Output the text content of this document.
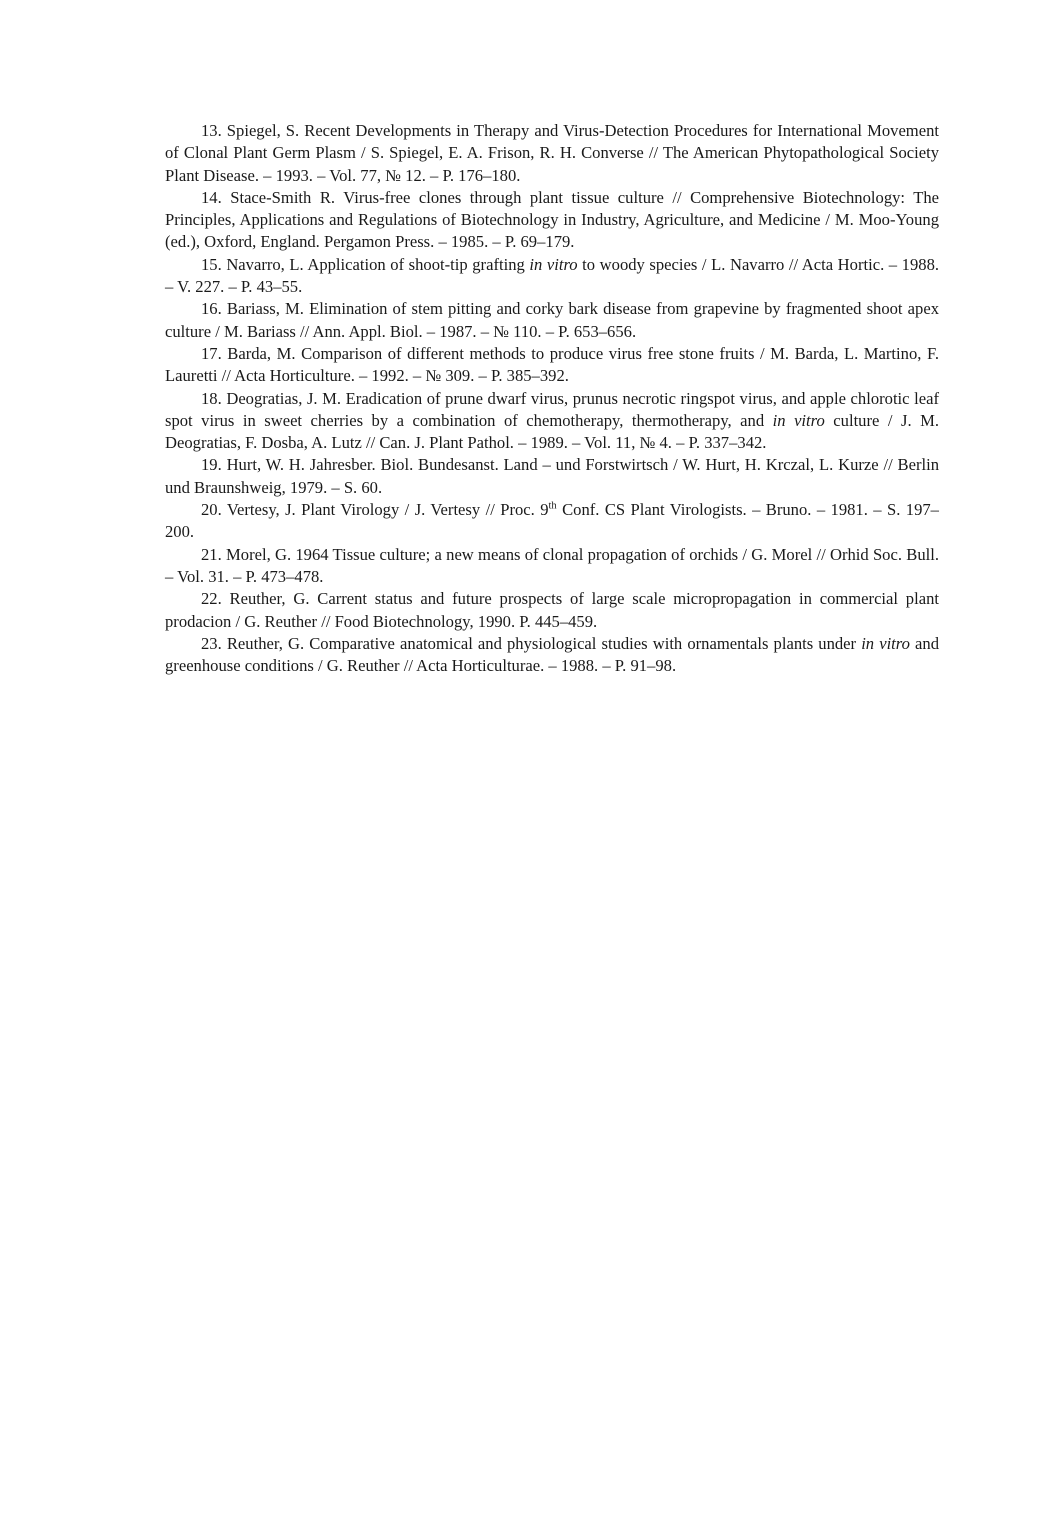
13. Spiegel, S. Recent Developments in Therapy and Virus-Detection Procedures for International Movement of Clonal Plant Germ Plasm / S. Spiegel, E. A. Frison, R. H. Converse // The American Phytopathological Society Plant Disease. – 1993. – Vol. 77, № 12. – P. 176–180.

14. Stace-Smith R. Virus-free clones through plant tissue culture // Comprehensive Biotechnology: The Principles, Applications and Regulations of Biotechnology in Industry, Agriculture, and Medicine / M. Moo-Young (ed.), Oxford, England. Pergamon Press. – 1985. – P. 69–179.

15. Navarro, L. Application of shoot-tip grafting in vitro to woody species / L. Navarro // Acta Hortic. – 1988. – V. 227. – P. 43–55.

16. Bariass, M. Elimination of stem pitting and corky bark disease from grapevine by fragmented shoot apex culture / M. Bariass // Ann. Appl. Biol. – 1987. – № 110. – P. 653–656.

17. Barda, M. Comparison of different methods to produce virus free stone fruits / M. Barda, L. Martino, F. Lauretti // Acta Horticulture. – 1992. – № 309. – P. 385–392.

18. Deogratias, J. M. Eradication of prune dwarf virus, prunus necrotic ringspot virus, and apple chlorotic leaf spot virus in sweet cherries by a combination of chemotherapy, thermotherapy, and in vitro culture / J. M. Deogratias, F. Dosba, A. Lutz // Can. J. Plant Pathol. – 1989. – Vol. 11, № 4. – P. 337–342.

19. Hurt, W. H. Jahresber. Biol. Bundesanst. Land – und Forstwirtsch / W. Hurt, H. Krczal, L. Kurze // Berlin und Braunshweig, 1979. – S. 60.

20. Vertesy, J. Plant Virology / J. Vertesy // Proc. 9th Conf. CS Plant Virologists. – Bruno. – 1981. – S. 197–200.

21. Morel, G. 1964 Tissue culture; a new means of clonal propagation of orchids / G. Morel // Orhid Soc. Bull. – Vol. 31. – P. 473–478.

22. Reuther, G. Carrent status and future prospects of large scale micropropagation in commercial plant prodacion / G. Reuther // Food Biotechnology, 1990. P. 445–459.

23. Reuther, G. Comparative anatomical and physiological studies with ornamentals plants under in vitro and greenhouse conditions / G. Reuther // Acta Horticulturae. – 1988. – P. 91–98.
